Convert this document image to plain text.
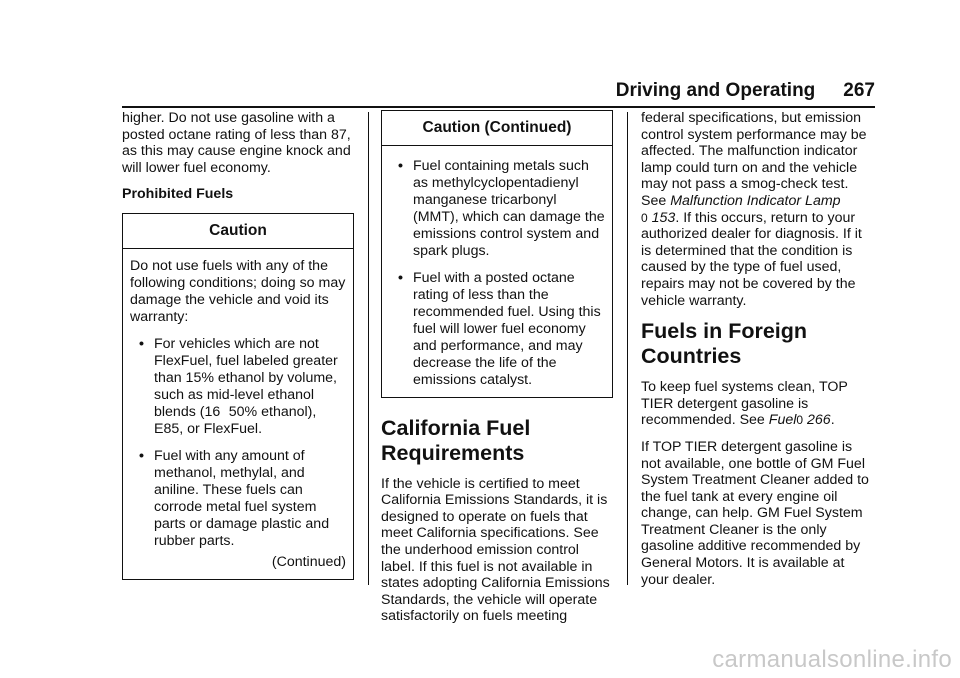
Driving and Operating 267

higher. Do not use gasoline with a posted octane rating of less than 87, as this may cause engine knock and will lower fuel economy.

Prohibited Fuels

Caution

Do not use fuels with any of the following conditions; doing so may damage the vehicle and void its warranty:

• For vehicles which are not FlexFuel, fuel labeled greater than 15% ethanol by volume, such as mid-level ethanol blends (16   50% ethanol), E85, or FlexFuel.
• Fuel with any amount of methanol, methylal, and aniline. These fuels can corrode metal fuel system parts or damage plastic and rubber parts.
(Continued)
Caution (Continued)
• Fuel containing metals such as methylcyclopentadienyl manganese tricarbonyl (MMT), which can damage the emissions control system and spark plugs.
• Fuel with a posted octane rating of less than the recommended fuel. Using this fuel will lower fuel economy and performance, and may decrease the life of the emissions catalyst.
California Fuel Requirements

If the vehicle is certified to meet California Emissions Standards, it is designed to operate on fuels that meet California specifications. See the underhood emission control label. If this fuel is not available in states adopting California Emissions Standards, the vehicle will operate satisfactorily on fuels meeting

federal specifications, but emission control system performance may be affected. The malfunction indicator lamp could turn on and the vehicle may not pass a smog-check test. See Malfunction Indicator Lamp
0 153. If this occurs, return to your authorized dealer for diagnosis. If it is determined that the condition is caused by the type of fuel used, repairs may not be covered by the vehicle warranty.

Fuels in Foreign Countries

To keep fuel systems clean, TOP TIER detergent gasoline is recommended. See Fuel0 266.

If TOP TIER detergent gasoline is not available, one bottle of GM Fuel System Treatment Cleaner added to the fuel tank at every engine oil change, can help. GM Fuel System Treatment Cleaner is the only gasoline additive recommended by General Motors. It is available at your dealer.

carmanualsonline.info
